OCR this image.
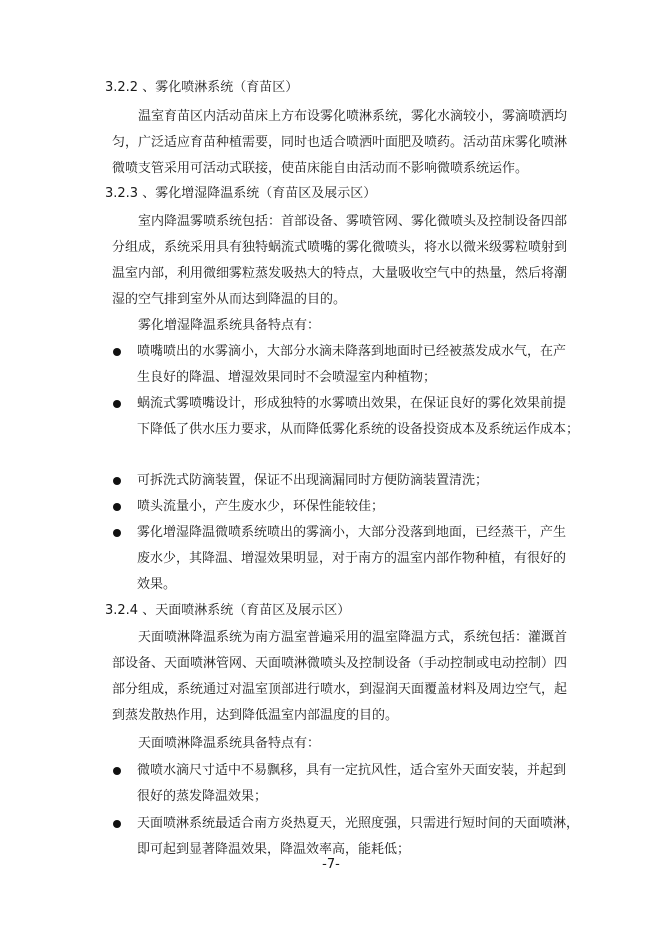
3.2.2 、雾化喷淋系统（育苗区）
温室育苗区内活动苗床上方布设雾化喷淋系统，雾化水滴较小，雾滴喷洒均
匀，广泛适应育苗种植需要，同时也适合喷洒叶面肥及喷药。活动苗床雾化喷淋
微喷支管采用可活动式联接，使苗床能自由活动而不影响微喷系统运作。
3.2.3 、雾化增湿降温系统（育苗区及展示区）
室内降温雾喷系统包括：首部设备、雾喷管网、雾化微喷头及控制设备四部
分组成，系统采用具有独特蜗流式喷嘴的雾化微喷头，将水以微米级雾粒喷射到
温室内部，利用微细雾粒蒸发吸热大的特点，大量吸收空气中的热量，然后将潮
湿的空气排到室外从而达到降温的目的。
雾化增湿降温系统具备特点有：
喷嘴喷出的水雾滴小，大部分水滴未降落到地面时已经被蒸发成水气，在产
生良好的降温、增湿效果同时不会喷湿室内种植物；
蜗流式雾喷嘴设计，形成独特的水雾喷出效果，在保证良好的雾化效果前提
下降低了供水压力要求，从而降低雾化系统的设备投资成本及系统运作成本；
可拆洗式防滴装置，保证不出现滴漏同时方便防滴装置清洗；
喷头流量小，产生废水少，环保性能较佳；
雾化增湿降温微喷系统喷出的雾滴小，大部分没落到地面，已经蒸干，产生
废水少，其降温、增湿效果明显，对于南方的温室内部作物种植，有很好的
效果。
3.2.4 、天面喷淋系统（育苗区及展示区）
天面喷淋降温系统为南方温室普遍采用的温室降温方式，系统包括：灌溉首
部设备、天面喷淋管网、天面喷淋微喷头及控制设备（手动控制或电动控制）四
部分组成，系统通过对温室顶部进行喷水，到湿润天面覆盖材料及周边空气，起
到蒸发散热作用，达到降低温室内部温度的目的。
天面喷淋降温系统具备特点有：
微喷水滴尺寸适中不易飘移，具有一定抗风性，适合室外天面安装，并起到
很好的蒸发降温效果；
天面喷淋系统最适合南方炎热夏天，光照度强，只需进行短时间的天面喷淋，
即可起到显著降温效果，降温效率高，能耗低；
-7-
